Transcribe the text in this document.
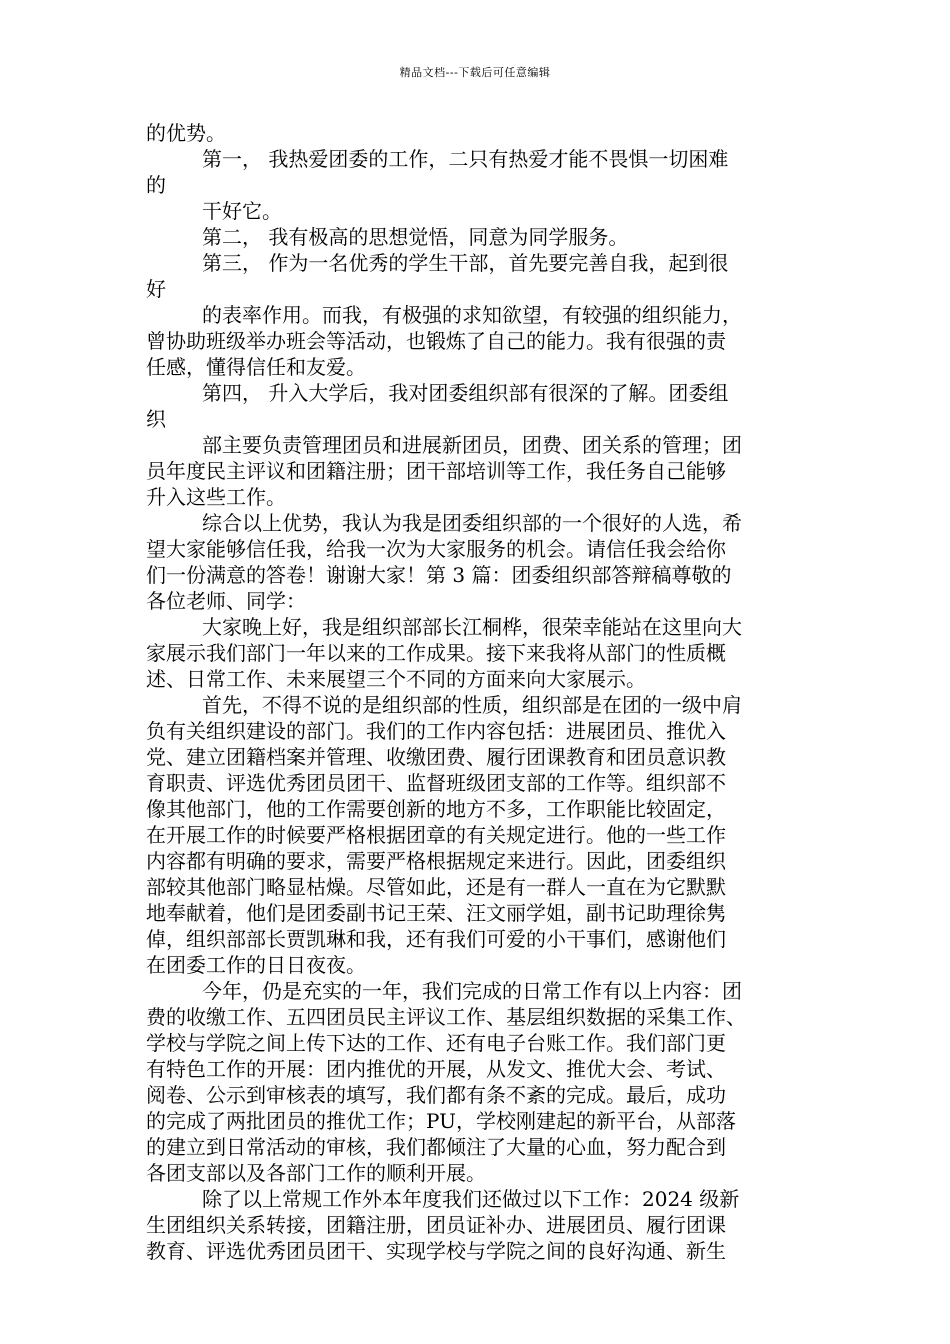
精品文档---下载后可任意编辑
的优势。
第一， 我热爱团委的工作，二只有热爱才能不畏惧一切困难
的
干好它。
第二， 我有极高的思想觉悟，同意为同学服务。
第三， 作为一名优秀的学生干部，首先要完善自我，起到很
好
的表率作用。而我，有极强的求知欲望，有较强的组织能力，
曾协助班级举办班会等活动，也锻炼了自己的能力。我有很强的责
任感，懂得信任和友爱。
第四， 升入大学后，我对团委组织部有很深的了解。团委组
织
部主要负责管理团员和进展新团员，团费、团关系的管理；团
员年度民主评议和团籍注册；团干部培训等工作，我任务自己能够
升入这些工作。
综合以上优势，我认为我是团委组织部的一个很好的人选，希
望大家能够信任我，给我一次为大家服务的机会。请信任我会给你
们一份满意的答卷！谢谢大家！第 3 篇：团委组织部答辩稿尊敬的
各位老师、同学：
大家晚上好，我是组织部部长江桐桦，很荣幸能站在这里向大
家展示我们部门一年以来的工作成果。接下来我将从部门的性质概
述、日常工作、未来展望三个不同的方面来向大家展示。
首先，不得不说的是组织部的性质，组织部是在团的一级中肩
负有关组织建设的部门。我们的工作内容包括：进展团员、推优入
党、建立团籍档案并管理、收缴团费、履行团课教育和团员意识教
育职责、评选优秀团员团干、监督班级团支部的工作等。组织部不
像其他部门，他的工作需要创新的地方不多，工作职能比较固定，
在开展工作的时候要严格根据团章的有关规定进行。他的一些工作
内容都有明确的要求，需要严格根据规定来进行。因此，团委组织
部较其他部门略显枯燥。尽管如此，还是有一群人一直在为它默默
地奉献着，他们是团委副书记王荣、汪文丽学姐，副书记助理徐隽
倬，组织部部长贾凯琳和我，还有我们可爱的小干事们，感谢他们
在团委工作的日日夜夜。
今年，仍是充实的一年，我们完成的日常工作有以上内容：团
费的收缴工作、五四团员民主评议工作、基层组织数据的采集工作、
学校与学院之间上传下达的工作、还有电子台账工作。我们部门更
有特色工作的开展：团内推优的开展，从发文、推优大会、考试、
阅卷、公示到审核表的填写，我们都有条不紊的完成。最后，成功
的完成了两批团员的推优工作；PU，学校刚建起的新平台，从部落
的建立到日常活动的审核，我们都倾注了大量的心血，努力配合到
各团支部以及各部门工作的顺利开展。
除了以上常规工作外本年度我们还做过以下工作：2024 级新
生团组织关系转接，团籍注册，团员证补办、进展团员、履行团课
教育、评选优秀团员团干、实现学校与学院之间的良好沟通、新生
